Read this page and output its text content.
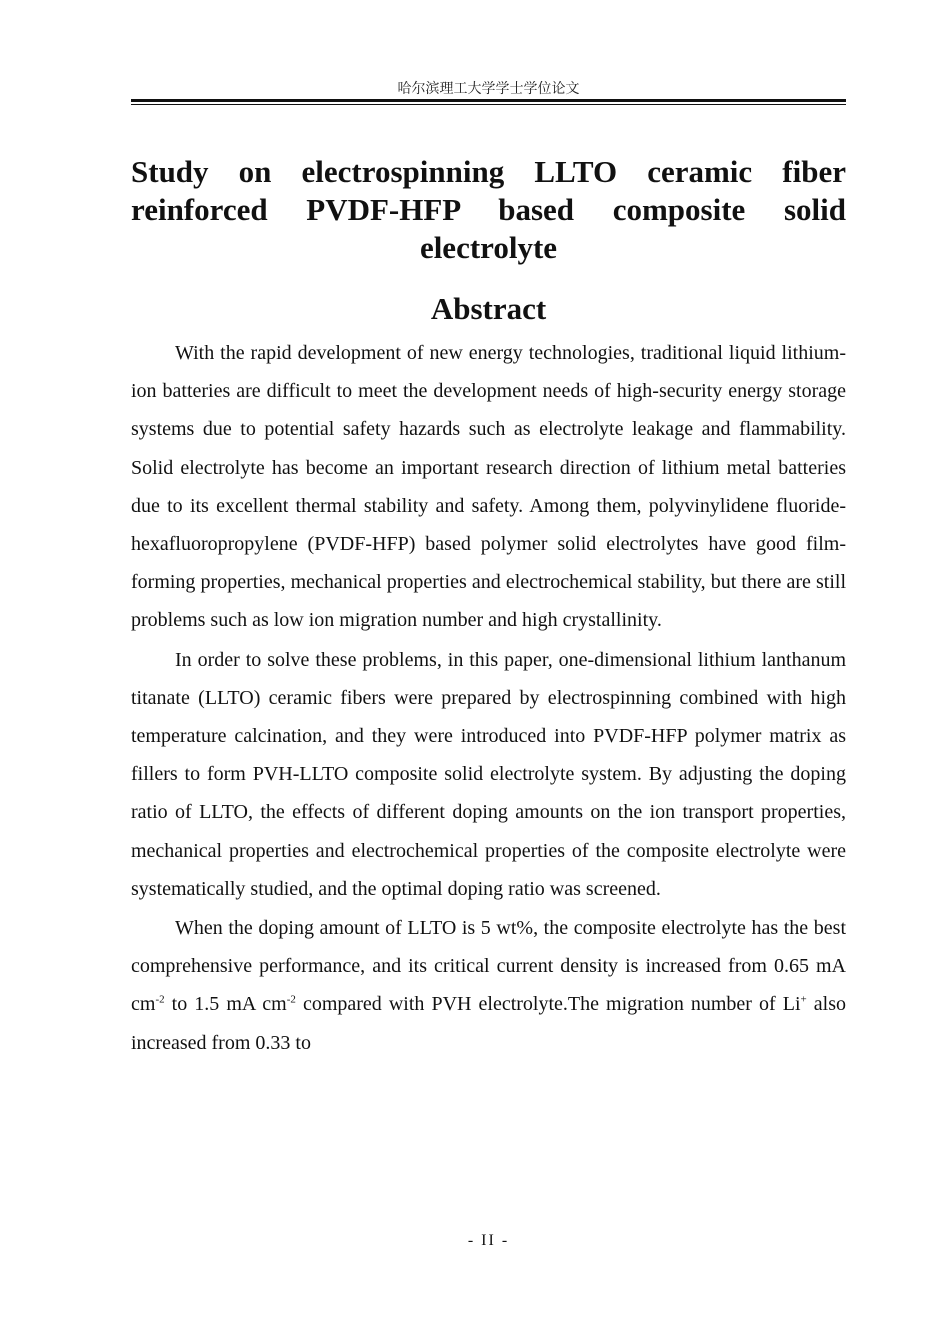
哈尔滨理工大学学士学位论文
Study on electrospinning LLTO ceramic fiber reinforced PVDF-HFP based composite solid electrolyte
Abstract

With the rapid development of new energy technologies, traditional liquid lithium-ion batteries are difficult to meet the development needs of high-security energy storage systems due to potential safety hazards such as electrolyte leakage and flammability. Solid electrolyte has become an important research direction of lithium metal batteries due to its excellent thermal stability and safety. Among them, polyvinylidene fluoride-hexafluoropropylene (PVDF-HFP) based polymer solid electrolytes have good film-forming properties, mechanical properties and electrochemical stability, but there are still problems such as low ion migration number and high crystallinity.

In order to solve these problems, in this paper, one-dimensional lithium lanthanum titanate (LLTO) ceramic fibers were prepared by electrospinning combined with high temperature calcination, and they were introduced into PVDF-HFP polymer matrix as fillers to form PVH-LLTO composite solid electrolyte system. By adjusting the doping ratio of LLTO, the effects of different doping amounts on the ion transport properties, mechanical properties and electrochemical properties of the composite electrolyte were systematically studied, and the optimal doping ratio was screened.

When the doping amount of LLTO is 5 wt%, the composite electrolyte has the best comprehensive performance, and its critical current density is increased from 0.65 mA $cm^{-2}$ to 1.5 mA $cm^{-2}$ compared with PVH electrolyte.The migration number of Li+ also increased from 0.33 to

- II -
